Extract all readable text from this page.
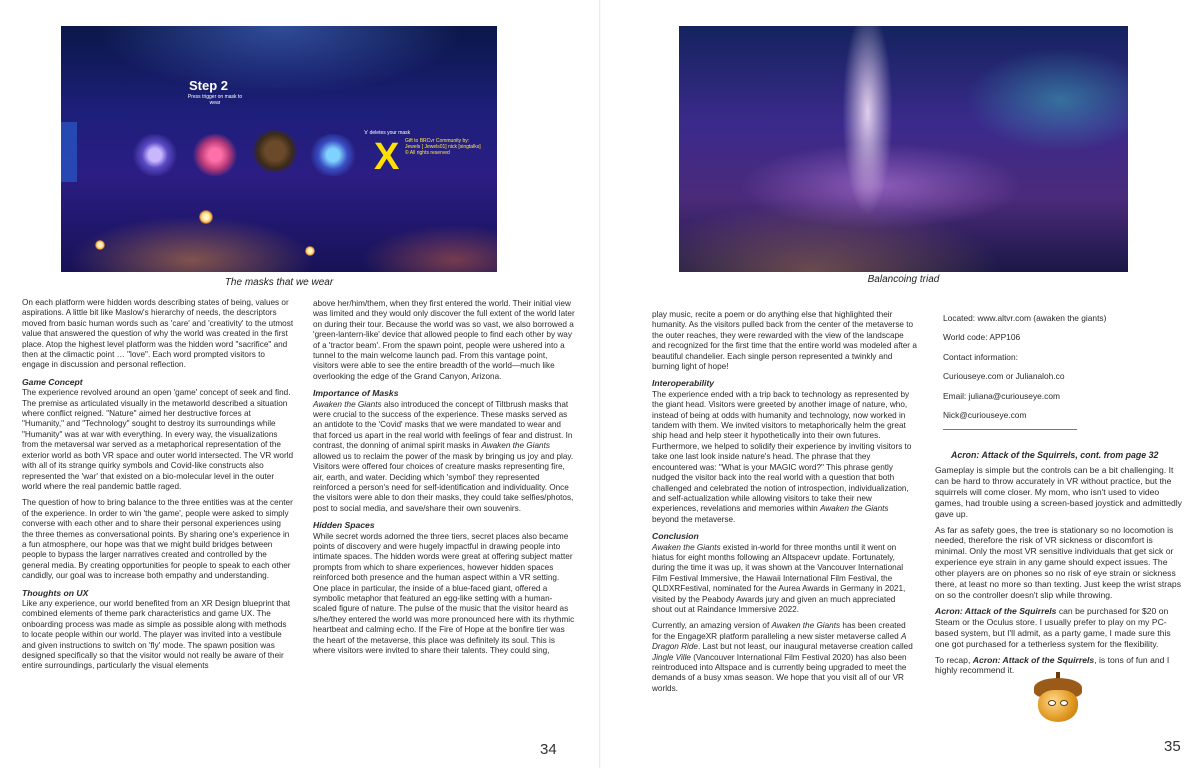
Step 2
Press trigger on mask to wear
'x' deletes your mask
X Gift to BRCvr Community by: Jewels [ Jewels01] nick [singtalks] © All rights reserved
The masks that we wear

On each platform were hidden words describing states of being, values or aspirations. A little bit like Maslow's hierarchy of needs, the descriptors moved from basic human words such as 'care' and 'creativity' to the utmost value that answered the question of why the world was created in the first place. Atop the highest level platform was the hidden word "sacrifice" and then at the climactic point … "love". Each word prompted visitors to engage in discussion and personal reflection.

Game Concept

The experience revolved around an open 'game' concept of seek and find. The premise as articulated visually in the metaworld described a situation where conflict reigned. "Nature" aimed her destructive forces at "Humanity," and "Technology" sought to destroy its surroundings while "Humanity" was at war with everything. In every way, the visualizations from the metaversal war served as a metaphorical representation of the exterior world as both VR space and outer world intersected. The VR world with all of its strange quirky symbols and Covid-like constructs also represented the 'war' that existed on a bio-molecular level in the outer world where the real pandemic battle raged.

The question of how to bring balance to the three entities was at the center of the experience. In order to win 'the game', people were asked to simply converse with each other and to share their personal experiences using the three themes as conversational points. By sharing one's experience in a fun atmosphere, our hope was that we might build bridges between people to bypass the larger narratives created and controlled by the general media. By creating opportunities for people to speak to each other candidly, our goal was to increase both empathy and understanding.

Thoughts on UX

Like any experience, our world benefited from an XR Design blueprint that combined elements of theme park characteristics and game UX. The onboarding process was made as simple as possible along with methods to locate people within our world. The player was invited into a vestibule and given instructions to switch on 'fly' mode. The spawn position was designed specifically so that the visitor would not really be aware of their entire surroundings, particularly the visual elements

above her/him/them, when they first entered the world. Their initial view was limited and they would only discover the full extent of the world later on during their tour. Because the world was so vast, we also borrowed a 'green-lantern-like' device that allowed people to find each other by way of a 'tractor beam'. From the spawn point, people were ushered into a tunnel to the main welcome launch pad. From this vantage point, visitors were able to see the entire breadth of the world—much like overlooking the edge of the Grand Canyon, Arizona.

Importance of Masks

Awaken the Giants also introduced the concept of Tiltbrush masks that were crucial to the success of the experience. These masks served as an antidote to the 'Covid' masks that we were mandated to wear and that forced us apart in the real world with feelings of fear and distrust. In contrast, the donning of animal spirit masks in Awaken the Giants allowed us to reclaim the power of the mask by bringing us joy and play. Visitors were offered four choices of creature masks representing fire, air, earth, and water. Deciding which 'symbol' they represented reinforced a person's need for self-identification and individuality. Once the visitors were able to don their masks, they could take selfies/photos, post to social media, and save/share their own souvenirs.

Hidden Spaces

While secret words adorned the three tiers, secret places also became points of discovery and were hugely impactful in drawing people into intimate spaces. The hidden words were great at offering subject matter prompts from which to share experiences, however hidden spaces reinforced both presence and the human aspect within a VR setting. One place in particular, the inside of a blue-faced giant, offered a symbolic metaphor that featured an egg-like setting with a human-scaled figure of nature. The pulse of the music that the visitor heard as s/he/they entered the world was more pronounced here with its rhythmic heartbeat and calming echo. If the Fire of Hope at the bonfire tier was the heart of the metaverse, this place was definitely its soul. This is where visitors were invited to share their talents. They could sing,

34
Balancoing triad

play music, recite a poem or do anything else that highlighted their humanity. As the visitors pulled back from the center of the metaverse to the outer reaches, they were rewarded with the view of the landscape and recognized for the first time that the entire world was modeled after a beautiful chandelier. Each single person represented a twinkly and burning light of hope!

Interoperability

The experience ended with a trip back to technology as represented by the giant head. Visitors were greeted by another image of nature, who, instead of being at odds with humanity and technology, now worked in tandem with them. We invited visitors to metaphorically helm the great ship head and help steer it hypothetically into their own futures. Furthermore, we helped to solidify their experience by inviting visitors to take one last look inside nature's head. The phrase that they encountered was: "What is your MAGIC word?" This phrase gently nudged the visitor back into the real world with a question that both challenged and celebrated the notion of introspection, individualization, and self-actualization while allowing visitors to take their new experiences, revelations and memories within Awaken the Giants beyond the metaverse.

Conclusion

Awaken the Giants existed in-world for three months until it went on hiatus for eight months following an Altspacevr update. Fortunately, during the time it was up, it was shown at the Vancouver International Film Festival Immersive, the Hawaii International Film Festival, the QLDXRFestival, nominated for the Aurea Awards in Germany in 2021, visited by the Peabody Awards jury and given an much appreciated shout out at Raindance Immersive 2022.

Currently, an amazing version of Awaken the Giants has been created for the EngageXR platform paralleling a new sister metaverse called A Dragon Ride. Last but not least, our inaugural metaverse creation called Jingle Ville (Vancouver International Film Festival 2020) has also been reintroduced into Altspace and is currently being upgraded to meet the demands of a busy xmas season. We hope that you visit all of our VR worlds.

Located: www.altvr.com (awaken the giants)
World code: APP106
Contact information:
Curiouseye.com or Julianaloh.co
Email: juliana@curiouseye.com
Nick@curiouseye.com
Acron: Attack of the Squirrels, cont. from page 32

Gameplay is simple but the controls can be a bit challenging. It can be hard to throw accurately in VR without practice, but the squirrels will come closer. My mom, who isn't used to video games, had trouble using a screen-based joystick and admittedly gave up.

As far as safety goes, the tree is stationary so no locomotion is needed, therefore the risk of VR sickness or discomfort is minimal. Only the most VR sensitive individuals that get sick or experience eye strain in any game should expect issues. The other players are on phones so no risk of eye strain or sickness there, at least no more so than texting. Just keep the wrist straps on so the controller doesn't slip while throwing.

Acron: Attack of the Squirrels can be purchased for $20 on Steam or the Oculus store. I usually prefer to play on my PC-based system, but I'll admit, as a party game, I made sure this one got purchased for a tetherless system for the flexibility.

To recap, Acron: Attack of the Squirrels, is tons of fun and I highly recommend it.

35
